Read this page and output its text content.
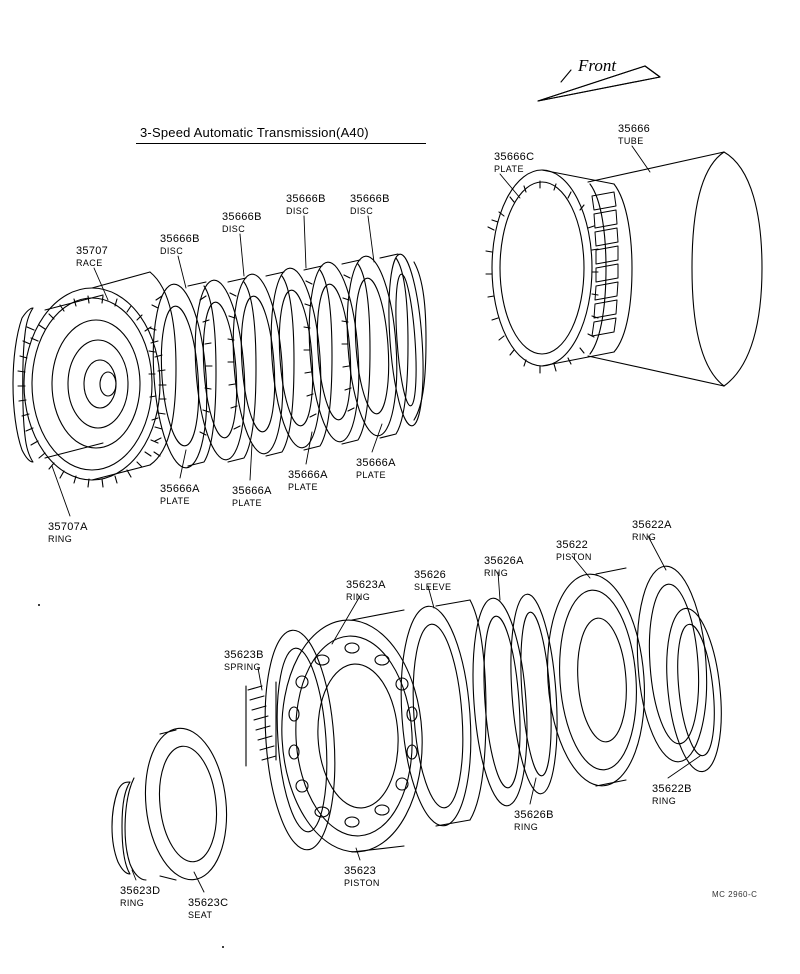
3-Speed Automatic Transmission(A40)
Front
35707
RACE
35666B
DISC
35666B
DISC
35666B
DISC
35666B
DISC
35707A
RING
35666A
PLATE
35666A
PLATE
35666A
PLATE
35666A
PLATE
35666C
PLATE
35666
TUBE
35623B
SPRING
35623A
RING
35626
SLEEVE
35626A
RING
35622
PISTON
35622A
RING
35622B
RING
35626B
RING
35623
PISTON
35623C
SEAT
35623D
RING
MC 2960-C
